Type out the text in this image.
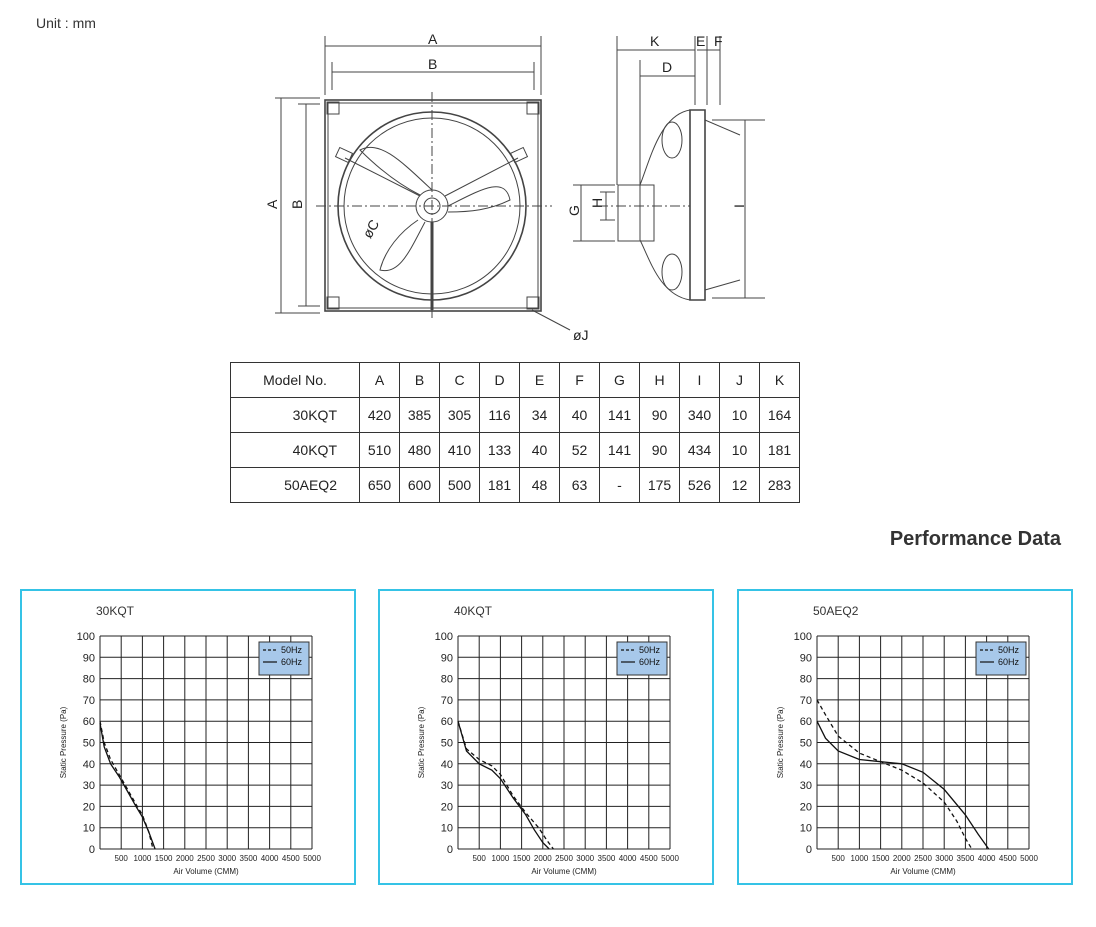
Unit : mm
A
B
A B
øC
øJ
K	E F
D
G
H	I
Model No.	A	B	C	D	E	F	G	H	I	J	K
30KQT	420	385	305	116	34	40	141	90	340	10	164
40KQT	510	480	410	133	40	52	141	90	434	10	181
50AEQ2	650	600	500	181	48	63	-	175	526	12	283
Performance Data
30KQT
0
10
20
30
40
50
60
70
80
90
100
500 1000 1500 2000 2500 3000 3500 4000 4500 5000
Air Volume (CMM)
Static Pressure (Pa)
50Hz
60Hz
40KQT
0
10
20
30
40
50
60
70
80
90
100
500 1000 1500 2000 2500 3000 3500 4000 4500 5000
Air Volume (CMM)
Static Pressure (Pa)
50Hz
60Hz
50AEQ2
0
10
20
30
40
50
60
70
80
90
100
500 1000 1500 2000 2500 3000 3500 4000 4500 5000
Air Volume (CMM)
Static Pressure (Pa)
50Hz
60Hz
